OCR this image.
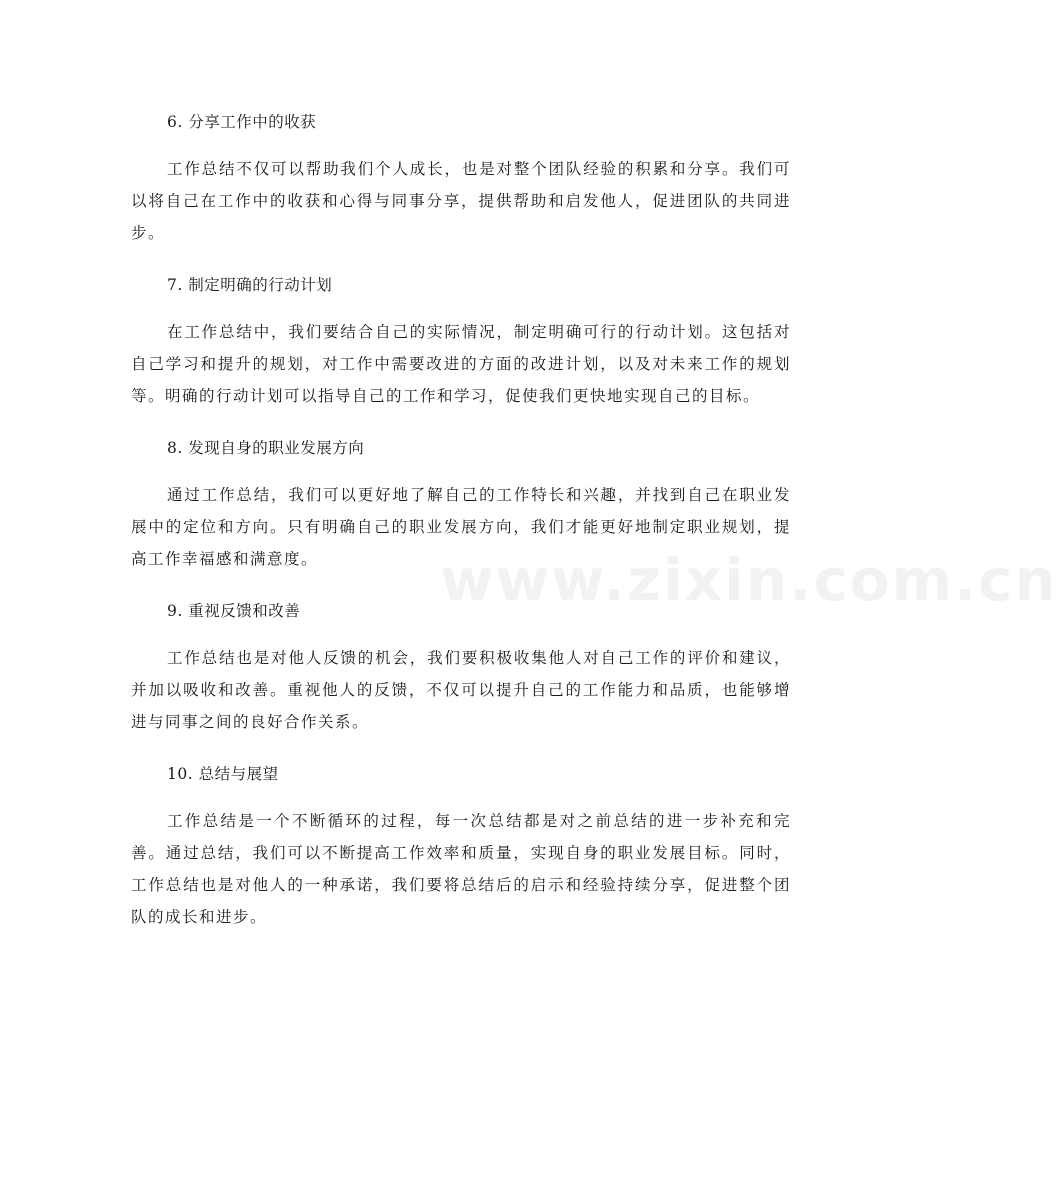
6. 分享工作中的收获

工作总结不仅可以帮助我们个人成长，也是对整个团队经验的积累和分享。我们可以将自己在工作中的收获和心得与同事分享，提供帮助和启发他人，促进团队的共同进步。

7. 制定明确的行动计划

在工作总结中，我们要结合自己的实际情况，制定明确可行的行动计划。这包括对自己学习和提升的规划，对工作中需要改进的方面的改进计划，以及对未来工作的规划等。明确的行动计划可以指导自己的工作和学习，促使我们更快地实现自己的目标。

8. 发现自身的职业发展方向

通过工作总结，我们可以更好地了解自己的工作特长和兴趣，并找到自己在职业发展中的定位和方向。只有明确自己的职业发展方向，我们才能更好地制定职业规划，提高工作幸福感和满意度。

9. 重视反馈和改善

工作总结也是对他人反馈的机会，我们要积极收集他人对自己工作的评价和建议，并加以吸收和改善。重视他人的反馈，不仅可以提升自己的工作能力和品质，也能够增进与同事之间的良好合作关系。

10. 总结与展望

工作总结是一个不断循环的过程，每一次总结都是对之前总结的进一步补充和完善。通过总结，我们可以不断提高工作效率和质量，实现自身的职业发展目标。同时，工作总结也是对他人的一种承诺，我们要将总结后的启示和经验持续分享，促进整个团队的成长和进步。

www.zixin.com.cn
